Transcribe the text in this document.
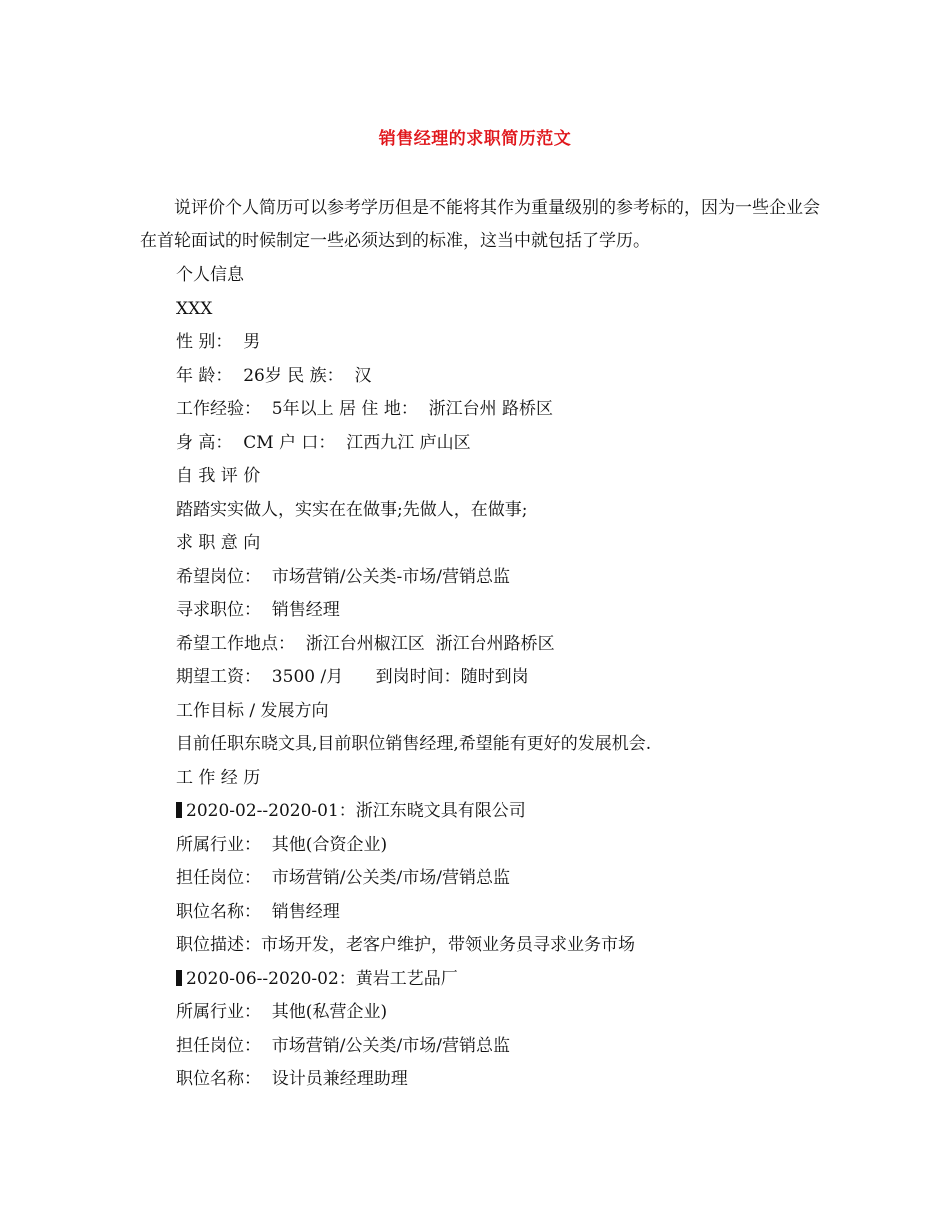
销售经理的求职简历范文

说评价个人简历可以参考学历但是不能将其作为重量级别的参考标的，因为一些企业会在首轮面试的时候制定一些必须达到的标准，这当中就包括了学历。

个人信息
XXX
性 别：  男
年 龄：  26岁 民 族：  汉
工作经验：  5年以上 居 住 地：  浙江台州 路桥区
身 高：  CM 户 口：  江西九江 庐山区
自 我 评 价
踏踏实实做人，实实在在做事;先做人，在做事;
求 职 意 向
希望岗位：  市场营销/公关类-市场/营销总监
寻求职位：  销售经理
希望工作地点：  浙江台州椒江区  浙江台州路桥区
期望工资：  3500 /月      到岗时间：随时到岗
工作目标 / 发展方向
目前任职东晓文具,目前职位销售经理,希望能有更好的发展机会.
工 作 经 历
2020-02--2020-01：浙江东晓文具有限公司
所属行业：  其他(合资企业)
担任岗位：  市场营销/公关类/市场/营销总监
职位名称：  销售经理
职位描述：市场开发，老客户维护，带领业务员寻求业务市场
2020-06--2020-02：黄岩工艺品厂
所属行业：  其他(私营企业)
担任岗位：  市场营销/公关类/市场/营销总监
职位名称：  设计员兼经理助理
